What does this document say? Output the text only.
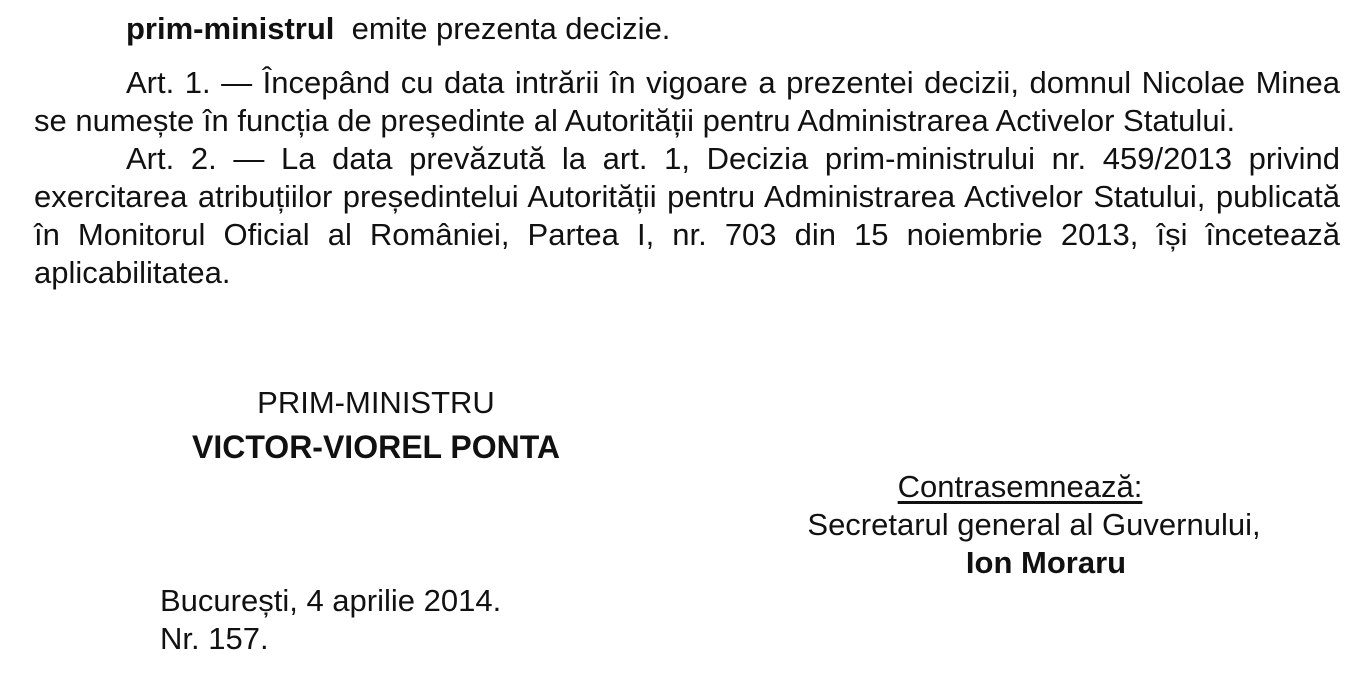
prim-ministrul emite prezenta decizie.
Art. 1. — Începând cu data intrării în vigoare a prezentei decizii, domnul Nicolae Minea se numește în funcția de președinte al Autorității pentru Administrarea Activelor Statului.
Art. 2. — La data prevăzută la art. 1, Decizia prim-ministrului nr. 459/2013 privind exercitarea atribuțiilor președintelui Autorității pentru Administrarea Activelor Statului, publicată în Monitorul Oficial al României, Partea I, nr. 703 din 15 noiembrie 2013, își încetează aplicabilitatea.
PRIM-MINISTRU
VICTOR-VIOREL PONTA
Contrasemnează:
Secretarul general al Guvernului,
Ion Moraru
București, 4 aprilie 2014.
Nr. 157.
